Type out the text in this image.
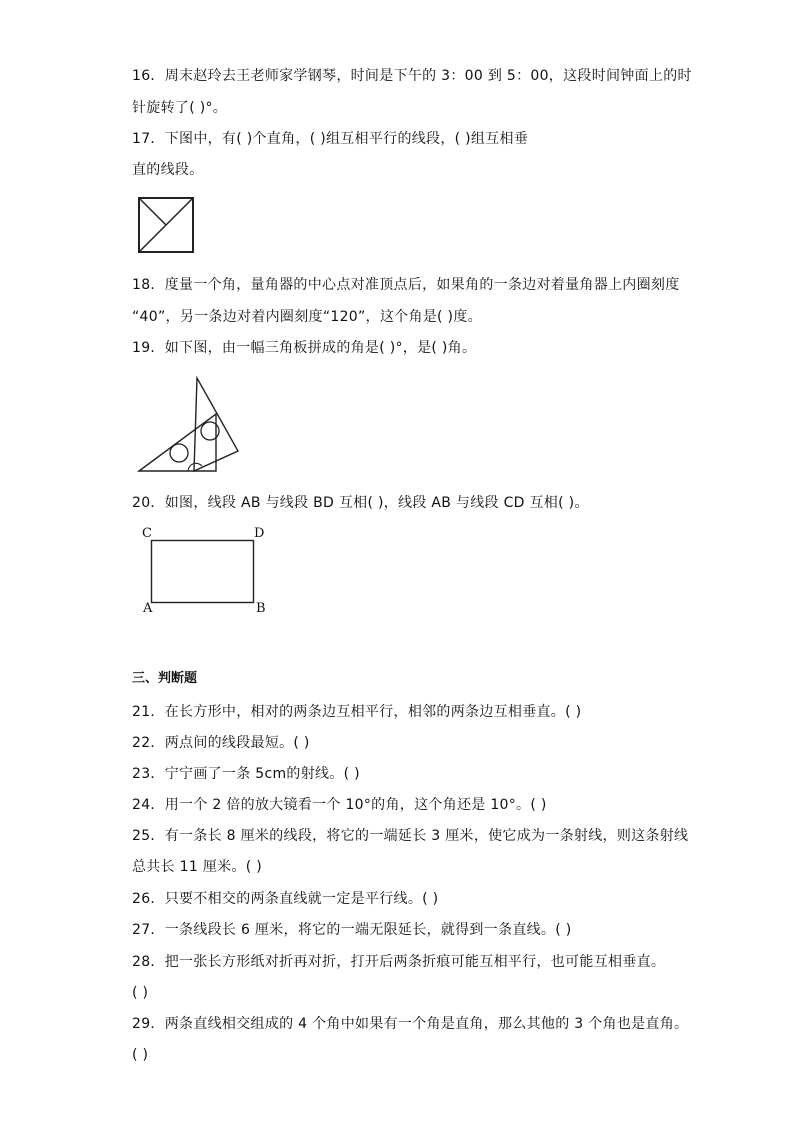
16．周末赵玲去王老师家学钢琴，时间是下午的 3：00 到 5：00，这段时间钟面上的时
针旋转了( )°。
17．下图中，有( )个直角，( )组互相平行的线段，( )组互相垂
直的线段。
18．度量一个角，量角器的中心点对准顶点后，如果角的一条边对着量角器上内圈刻度
“40”，另一条边对着内圈刻度“120”，这个角是( )度。
19．如下图，由一幅三角板拼成的角是( )°，是( )角。
20．如图，线段 AB 与线段 BD 互相( )，线段 AB 与线段 CD 互相( )。
C	D
A	B
三、判断题
21．在长方形中，相对的两条边互相平行，相邻的两条边互相垂直。( )
22．两点间的线段最短。( )
23．宁宁画了一条 5cm的射线。( )
24．用一个 2 倍的放大镜看一个 10°的角，这个角还是 10°。( )
25．有一条长 8 厘米的线段，将它的一端延长 3 厘米，使它成为一条射线，则这条射线
总共长 11 厘米。( )
26．只要不相交的两条直线就一定是平行线。( )
27．一条线段长 6 厘米，将它的一端无限延长，就得到一条直线。( )
28．把一张长方形纸对折再对折，打开后两条折痕可能互相平行，也可能互相垂直。
( )
29．两条直线相交组成的 4 个角中如果有一个角是直角，那么其他的 3 个角也是直角。
( )
